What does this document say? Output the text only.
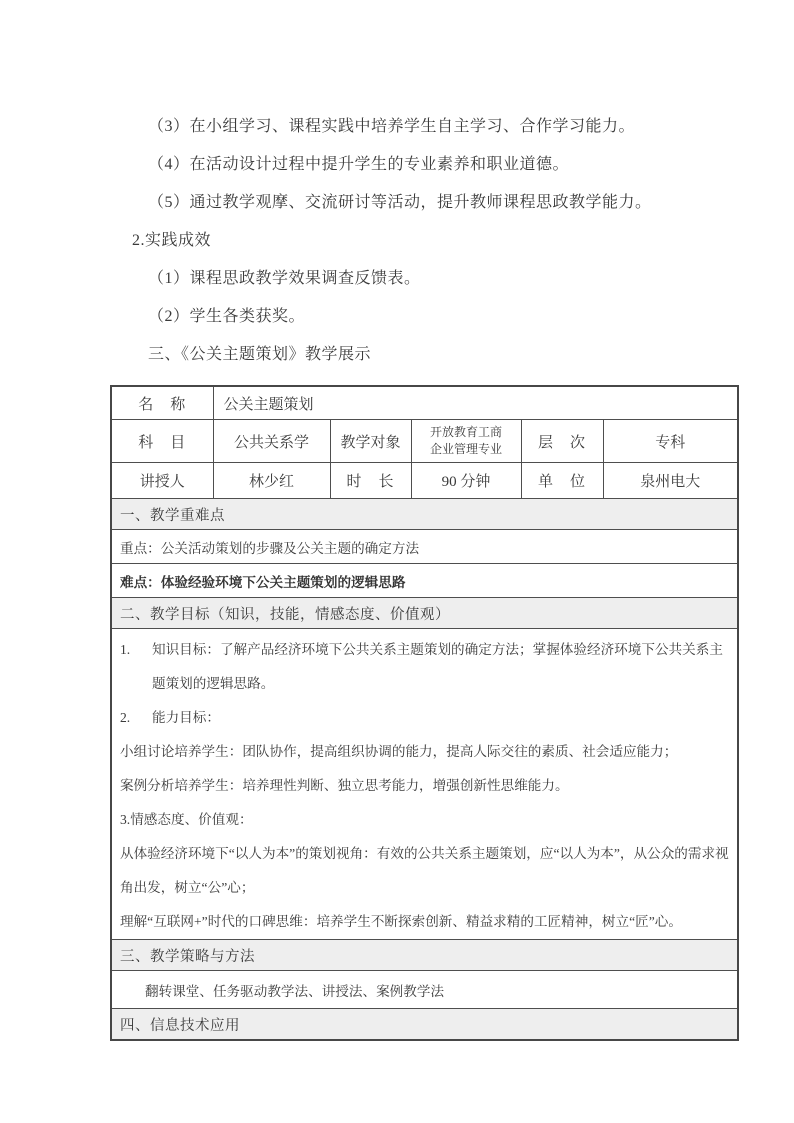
（3）在小组学习、课程实践中培养学生自主学习、合作学习能力。

（4）在活动设计过程中提升学生的专业素养和职业道德。

（5）通过教学观摩、交流研讨等活动，提升教师课程思政教学能力。

2.实践成效

（1）课程思政教学效果调查反馈表。

（2）学生各类获奖。

三、《公关主题策划》教学展示

名　称	公关主题策划				
科　目	公共关系学	教学对象	开放教育工商企业管理专业	层　次	专科
讲授人	林少红	时　长	90 分钟	单　位	泉州电大
一、教学重难点					
重点：公关活动策划的步骤及公关主题的确定方法					
难点：体验经验环境下公关主题策划的逻辑思路					
二、教学目标（知识，技能，情感态度、价值观）					

1.	知识目标：了解产品经济环境下公共关系主题策划的确定方法；掌握体验经济环境下公共关系主题策划的逻辑思路。
2.	能力目标：

小组讨论培养学生：团队协作，提高组织协调的能力，提高人际交往的素质、社会适应能力；

案例分析培养学生：培养理性判断、独立思考能力，增强创新性思维能力。

3.情感态度、价值观：

从体验经济环境下“以人为本”的策划视角：有效的公共关系主题策划，应“以人为本”，从公众的需求视角出发，树立“公”心；

理解“互联网+”时代的口碑思维：培养学生不断探索创新、精益求精的工匠精神，树立“匠”心。

三、教学策略与方法					
翻转课堂、任务驱动教学法、讲授法、案例教学法					
四、信息技术应用					
